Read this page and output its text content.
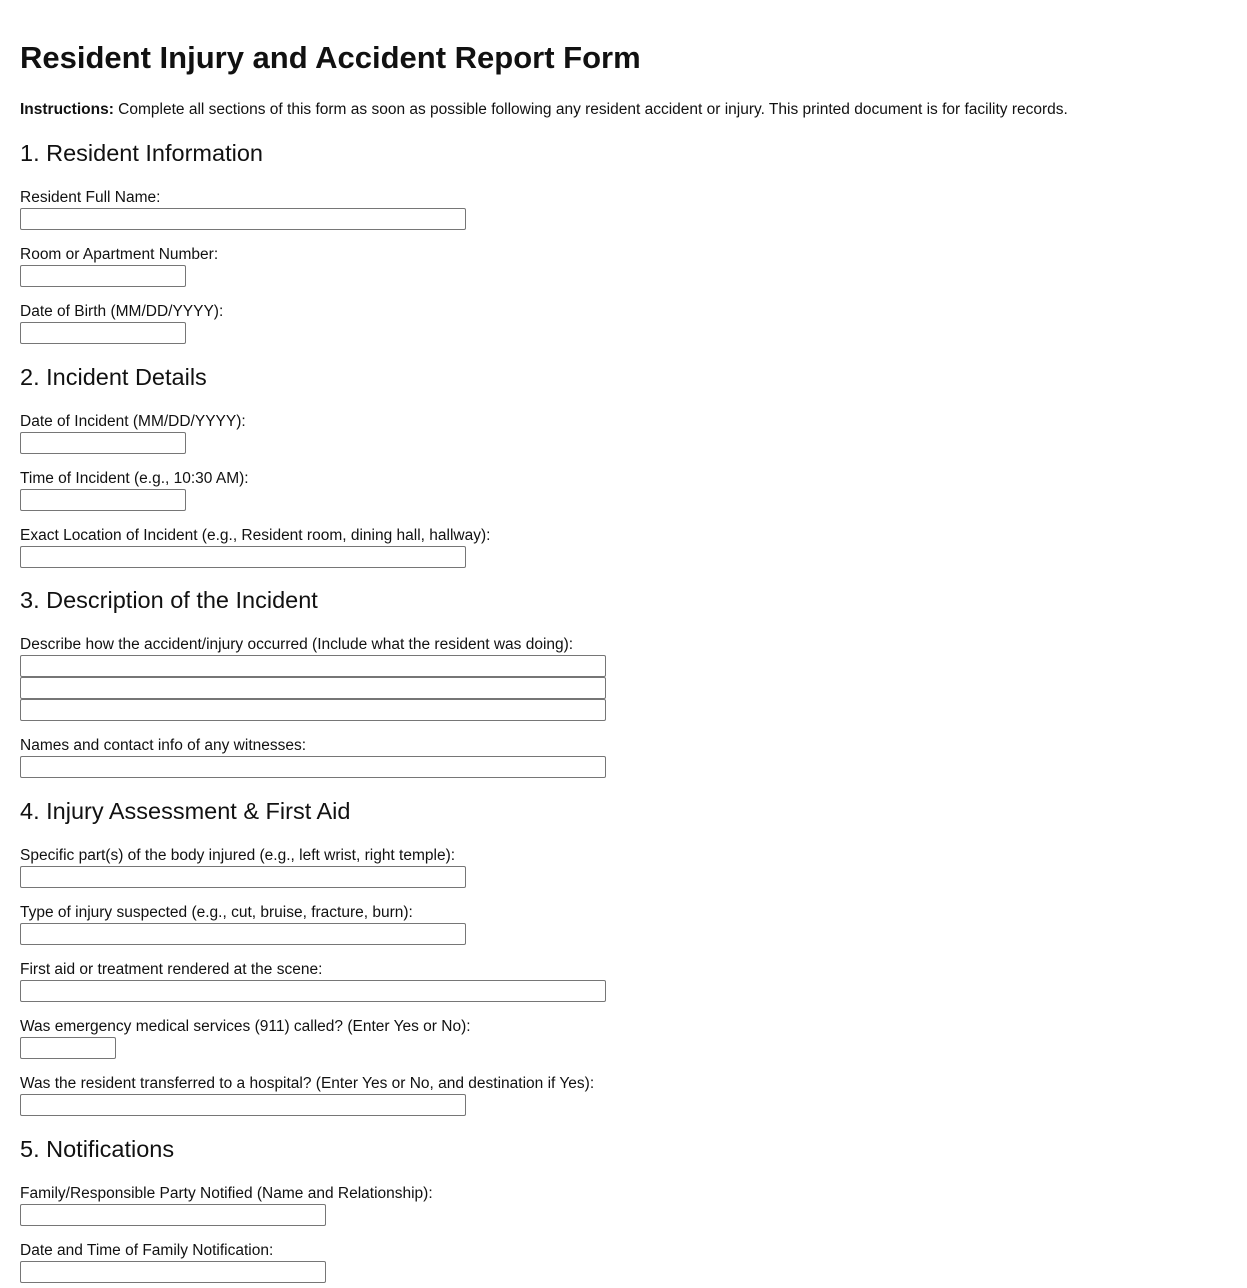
Resident Injury and Accident Report Form

Instructions: Complete all sections of this form as soon as possible following any resident accident or injury. This printed document is for facility records.

1. Resident Information
Resident Full Name:
Room or Apartment Number:
Date of Birth (MM/DD/YYYY):
2. Incident Details
Date of Incident (MM/DD/YYYY):
Time of Incident (e.g., 10:30 AM):
Exact Location of Incident (e.g., Resident room, dining hall, hallway):
3. Description of the Incident
Describe how the accident/injury occurred (Include what the resident was doing):
Names and contact info of any witnesses:
4. Injury Assessment & First Aid
Specific part(s) of the body injured (e.g., left wrist, right temple):
Type of injury suspected (e.g., cut, bruise, fracture, burn):
First aid or treatment rendered at the scene:
Was emergency medical services (911) called? (Enter Yes or No):
Was the resident transferred to a hospital? (Enter Yes or No, and destination if Yes):
5. Notifications
Family/Responsible Party Notified (Name and Relationship):
Date and Time of Family Notification:
